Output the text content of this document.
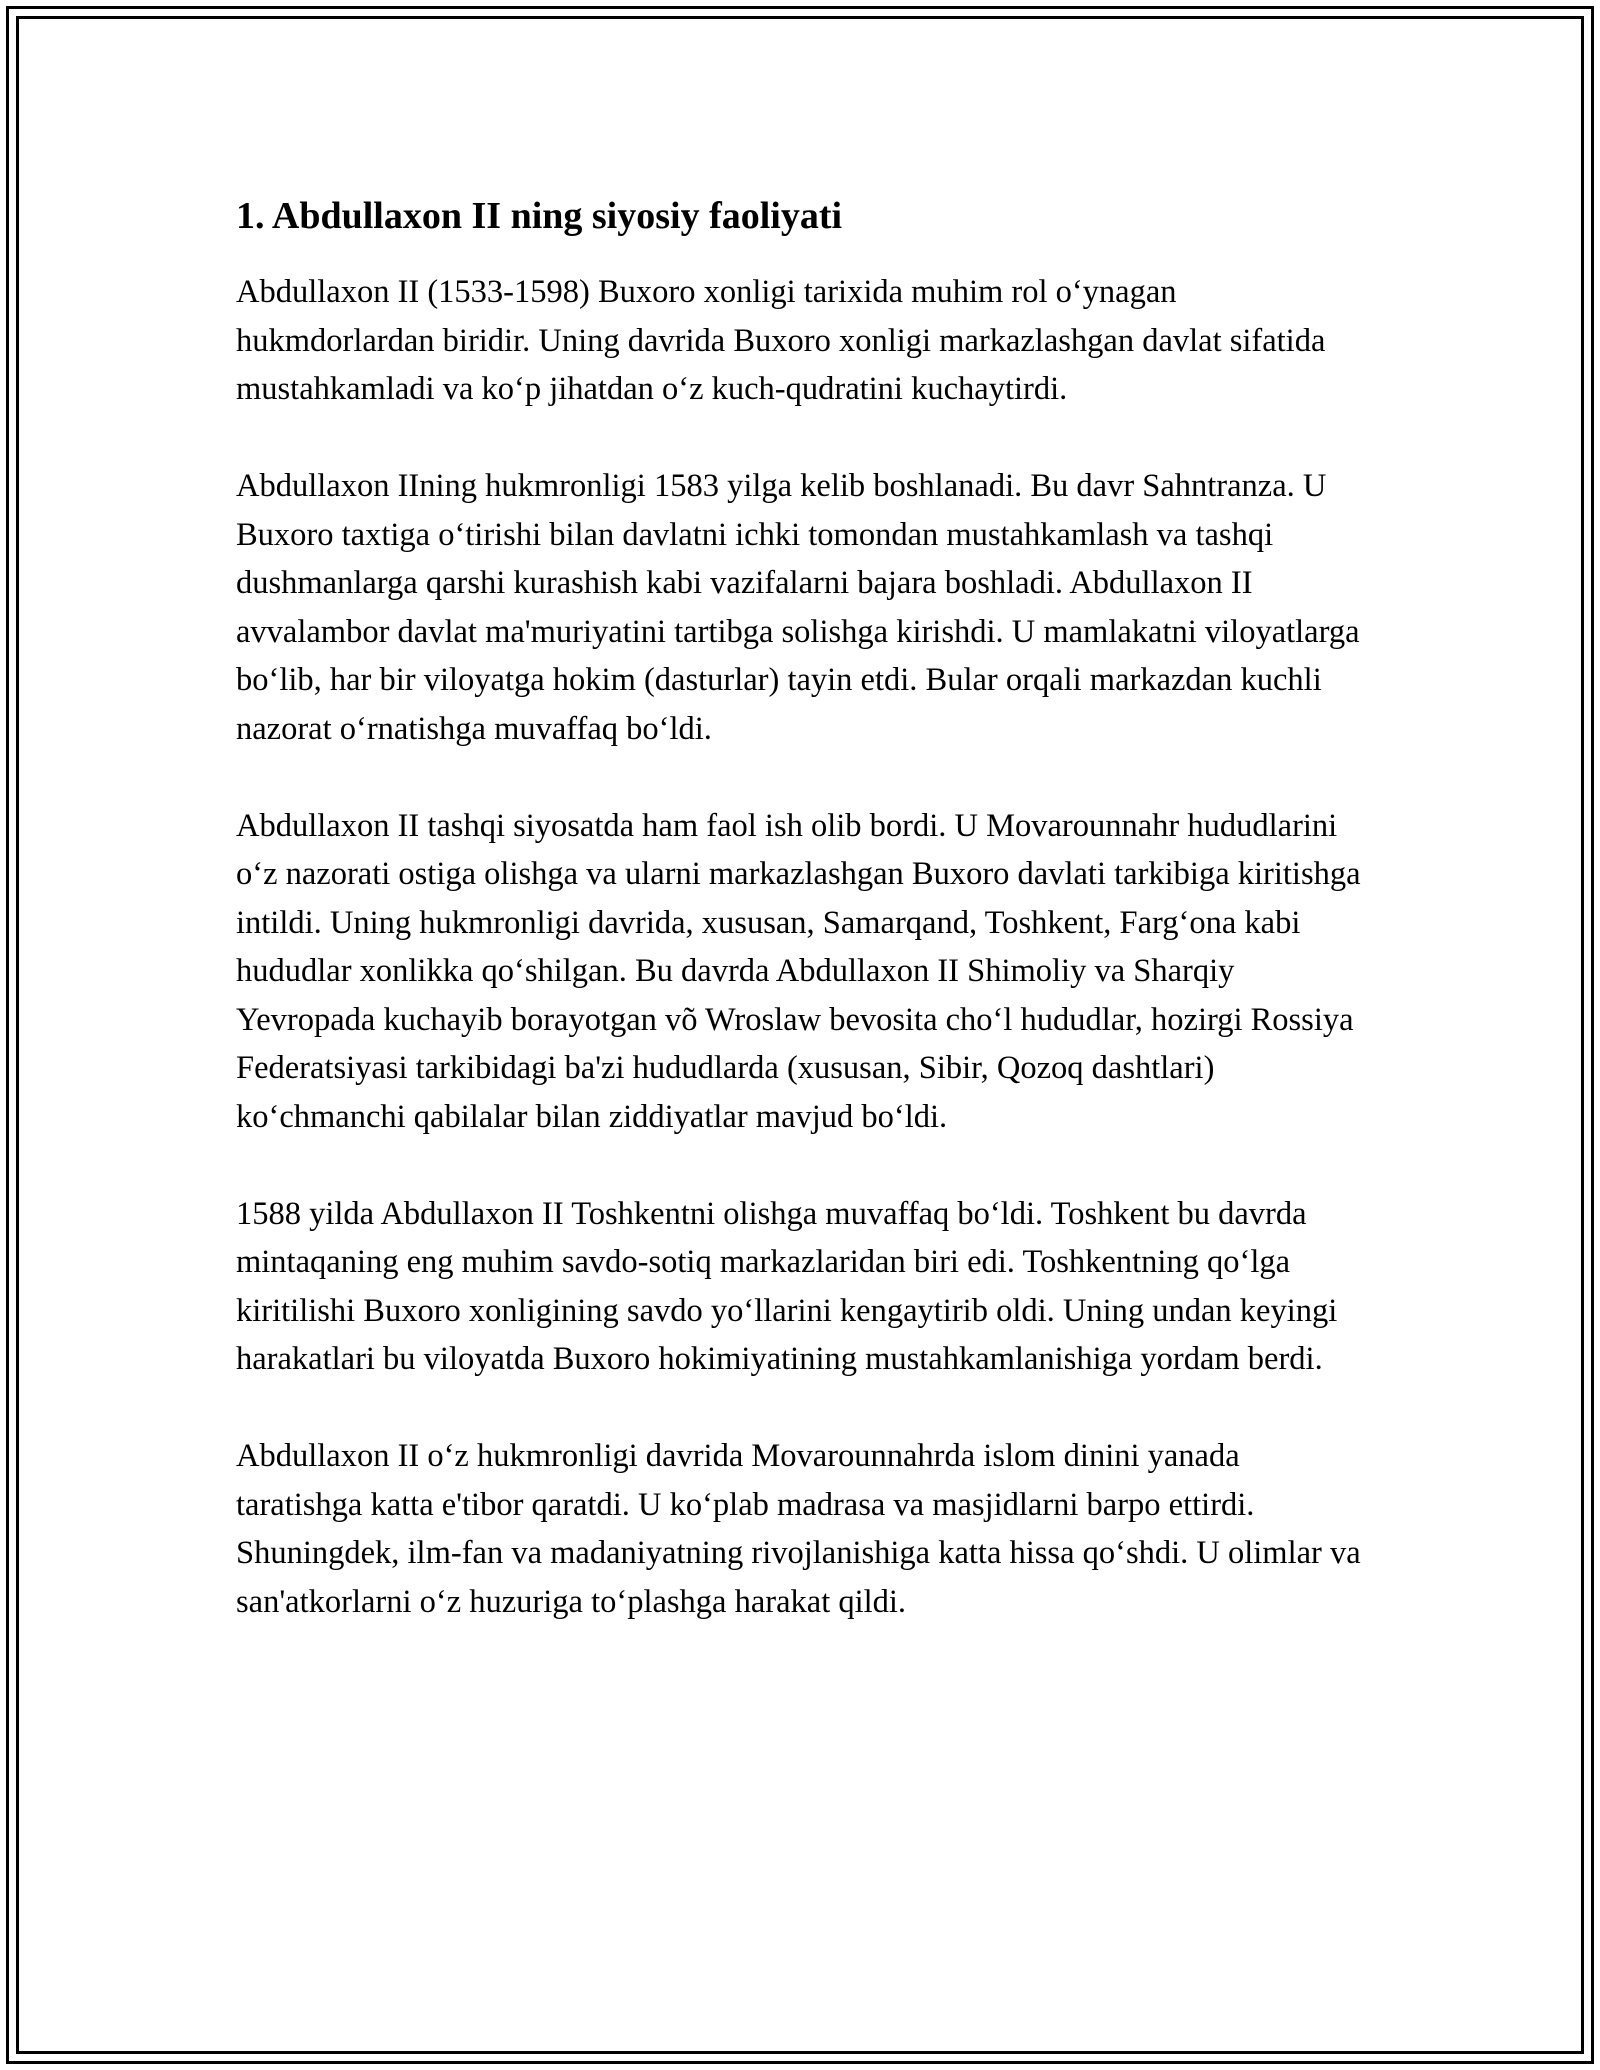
1. Abdullaxon II ning siyosiy faoliyati

Abdullaxon II (1533-1598) Buxoro xonligi tarixida muhim rol o‘ynagan hukmdorlardan biridir. Uning davrida Buxoro xonligi markazlashgan davlat sifatida mustahkamladi va ko‘p jihatdan o‘z kuch-qudratini kuchaytirdi.

Abdullaxon IIning hukmronligi 1583 yilga kelib boshlanadi. Bu davr Sahntranza. U Buxoro taxtiga o‘tirishi bilan davlatni ichki tomondan mustahkamlash va tashqi dushmanlarga qarshi kurashish kabi vazifalarni bajara boshladi. Abdullaxon II avvalambor davlat ma'muriyatini tartibga solishga kirishdi. U mamlakatni viloyatlarga bo‘lib, har bir viloyatga hokim (dasturlar) tayin etdi. Bular orqali markazdan kuchli nazorat o‘rnatishga muvaffaq bo‘ldi.

Abdullaxon II tashqi siyosatda ham faol ish olib bordi. U Movarounnahr hududlarini o‘z nazorati ostiga olishga va ularni markazlashgan Buxoro davlati tarkibiga kiritishga intildi. Uning hukmronligi davrida, xususan, Samarqand, Toshkent, Farg‘ona kabi hududlar xonlikka qo‘shilgan. Bu davrda Abdullaxon II Shimoliy va Sharqiy Yevropada kuchayib borayotgan võ Wroslaw bevosita cho‘l hududlar, hozirgi Rossiya Federatsiyasi tarkibidagi ba'zi hududlarda (xususan, Sibir, Qozoq dashtlari) ko‘chmanchi qabilalar bilan ziddiyatlar mavjud bo‘ldi.

1588 yilda Abdullaxon II Toshkentni olishga muvaffaq bo‘ldi. Toshkent bu davrda mintaqaning eng muhim savdo-sotiq markazlaridan biri edi. Toshkentning qo‘lga kiritilishi Buxoro xonligining savdo yo‘llarini kengaytirib oldi. Uning undan keyingi harakatlari bu viloyatda Buxoro hokimiyatining mustahkamlanishiga yordam berdi.

Abdullaxon II o‘z hukmronligi davrida Movarounnahrda islom dinini yanada taratishga katta e'tibor qaratdi. U ko‘plab madrasa va masjidlarni barpo ettirdi. Shuningdek, ilm-fan va madaniyatning rivojlanishiga katta hissa qo‘shdi. U olimlar va san'atkorlarni o‘z huzuriga to‘plashga harakat qildi.
